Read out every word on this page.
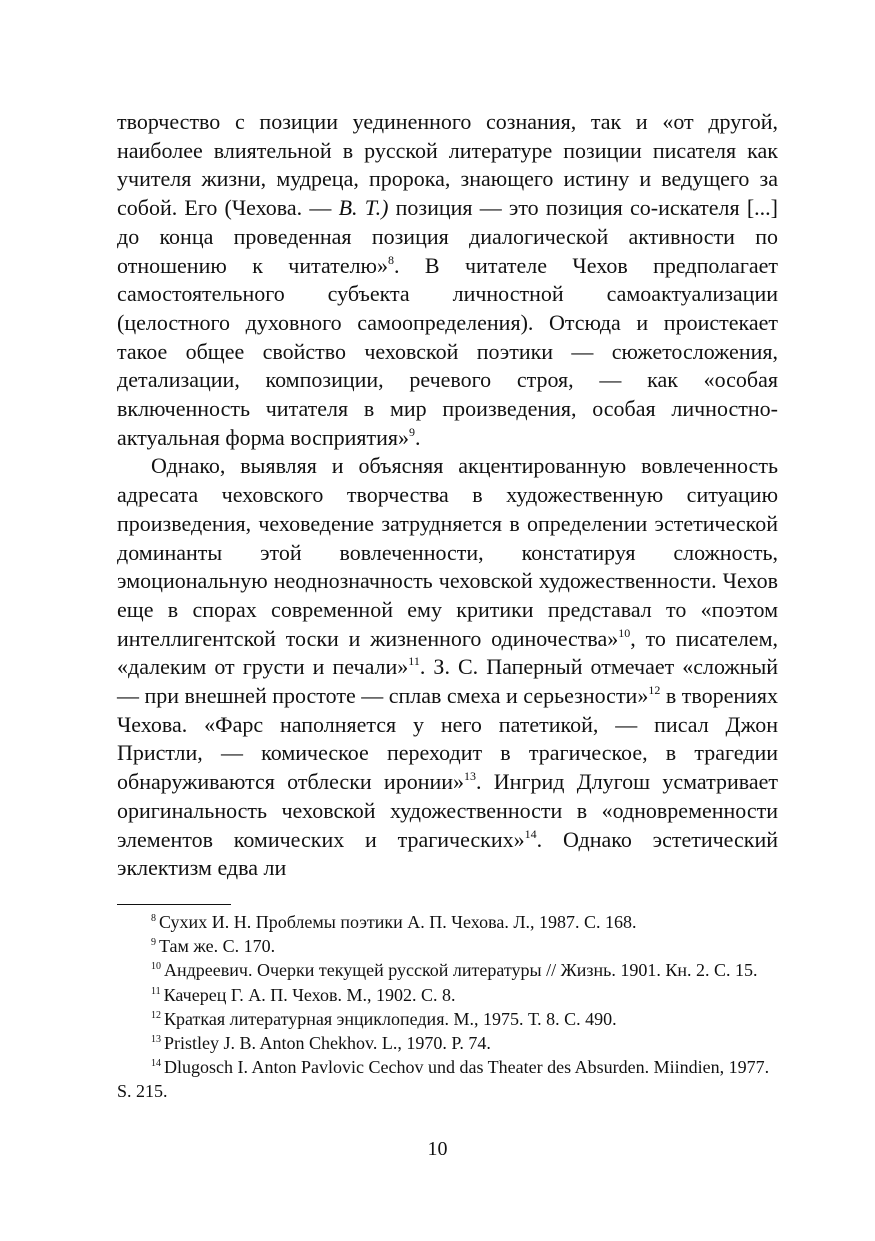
творчество с позиции уединенного сознания, так и «от другой, наиболее влиятельной в русской литературе позиции писателя как учителя жизни, мудреца, пророка, знающего истину и ведущего за собой. Его (Чехова. — В. Т.) позиция — это позиция со-искателя [...] до конца проведенная позиция диалогической активности по отношению к читателю»$^8$. В читателе Чехов предполагает самостоятельного субъекта личностной самоактуализации (целостного духовного самоопределения). Отсюда и проистекает такое общее свойство чеховской поэтики — сюжетосложения, детализации, композиции, речевого строя, — как «особая включенность читателя в мир произведения, особая личностно-актуальная форма восприятия»$^9$.

Однако, выявляя и объясняя акцентированную вовлеченность адресата чеховского творчества в художественную ситуацию произведения, чеховедение затрудняется в определении эстетической доминанты этой вовлеченности, констатируя сложность, эмоциональную неоднозначность чеховской художественности. Чехов еще в спорах современной ему критики представал то «поэтом интеллигентской тоски и жизненного одиночества»$^{10}$, то писателем, «далеким от грусти и печали»$^{11}$. З. С. Паперный отмечает «сложный — при внешней простоте — сплав смеха и серьезности»$^{12}$ в творениях Чехова. «Фарс наполняется у него патетикой, — писал Джон Пристли, — комическое переходит в трагическое, в трагедии обнаруживаются отблески иронии»$^{13}$. Ингрид Длугош усматривает оригинальность чеховской художественности в «одновременности элементов комических и трагических»$^{14}$. Однако эстетический эклектизм едва ли

$^8$ Сухих И. Н. Проблемы поэтики А. П. Чехова. Л., 1987. С. 168.

$^9$ Там же. С. 170.

$^{10}$ Андреевич. Очерки текущей русской литературы // Жизнь. 1901. Кн. 2. С. 15.

$^{11}$ Качерец Г. А. П. Чехов. М., 1902. С. 8.

$^{12}$ Краткая литературная энциклопедия. М., 1975. Т. 8. С. 490.

$^{13}$ Pristley J. B. Anton Chekhov. L., 1970. P. 74.

$^{14}$ Dlugosch I. Anton Pavlovic Cechov und das Theater des Absurden. Miindien, 1977. S. 215.

10
